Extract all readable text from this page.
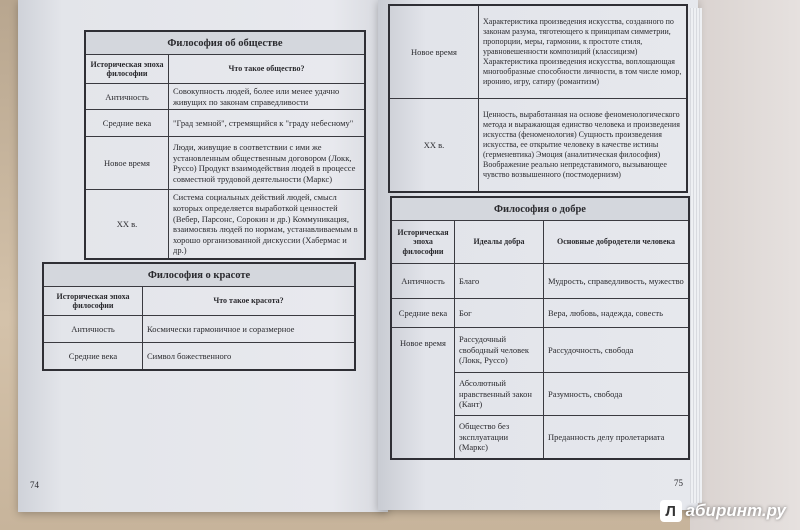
Философия об обществе	
Историческая эпоха философии	Что такое общество?
Античность	Совокупность людей, более или менее удачно живущих по законам справедливости
Средние века	"Град земной", стремящийся к "граду небесному"
Новое время	Люди, живущие в соответствии с ими же установленным общественным договором (Локк, Руссо) Продукт взаимодействия людей в процессе совместной трудовой деятельности (Маркс)
XX в.	Система социальных действий людей, смысл которых определяется выработкой ценностей (Вебер, Парсонс, Сорокин и др.) Коммуникация, взаимосвязь людей по нормам, устанавливаемым в хорошо организованной дискуссии (Хабермас и др.)
Философия о красоте	
Историческая эпоха философии	Что такое красота?
Античность	Космически гармоничное и соразмерное
Средние века	Символ божественного
74
Новое время	Характеристика произведения искусства, созданного по законам разума, тяготеющего к принципам симметрии, пропорции, меры, гармонии, к простоте стиля, уравновешенности композиций (классицизм) Характеристика произведения искусства, воплощающая многообразные способности личности, в том числе юмор, иронию, игру, сатиру (романтизм)
XX в.	Ценность, выработанная на основе феноменологического метода и выражающая единство человека и произведения искусства (феноменология) Сущность произведения искусства, ее открытие человеку в качестве истины (герменевтика) Эмоция (аналитическая философия) Воображение реально непредставимого, вызывающее чувство возвышенного (постмодернизм)
Философия о добре		
Историческая эпоха философии	Идеалы добра	Основные добродетели человека
Античность	Благо	Мудрость, справедливость, мужество
Средние века	Бог	Вера, любовь, надежда, совесть
Новое время	Рассудочный свободный человек (Локк, Руссо)	Рассудочность, свобода
	Абсолютный нравственный закон (Кант)	Разумность, свобода
	Общество без эксплуатации (Маркс)	Преданность делу пролетариата
75
Л абиринт.ру
